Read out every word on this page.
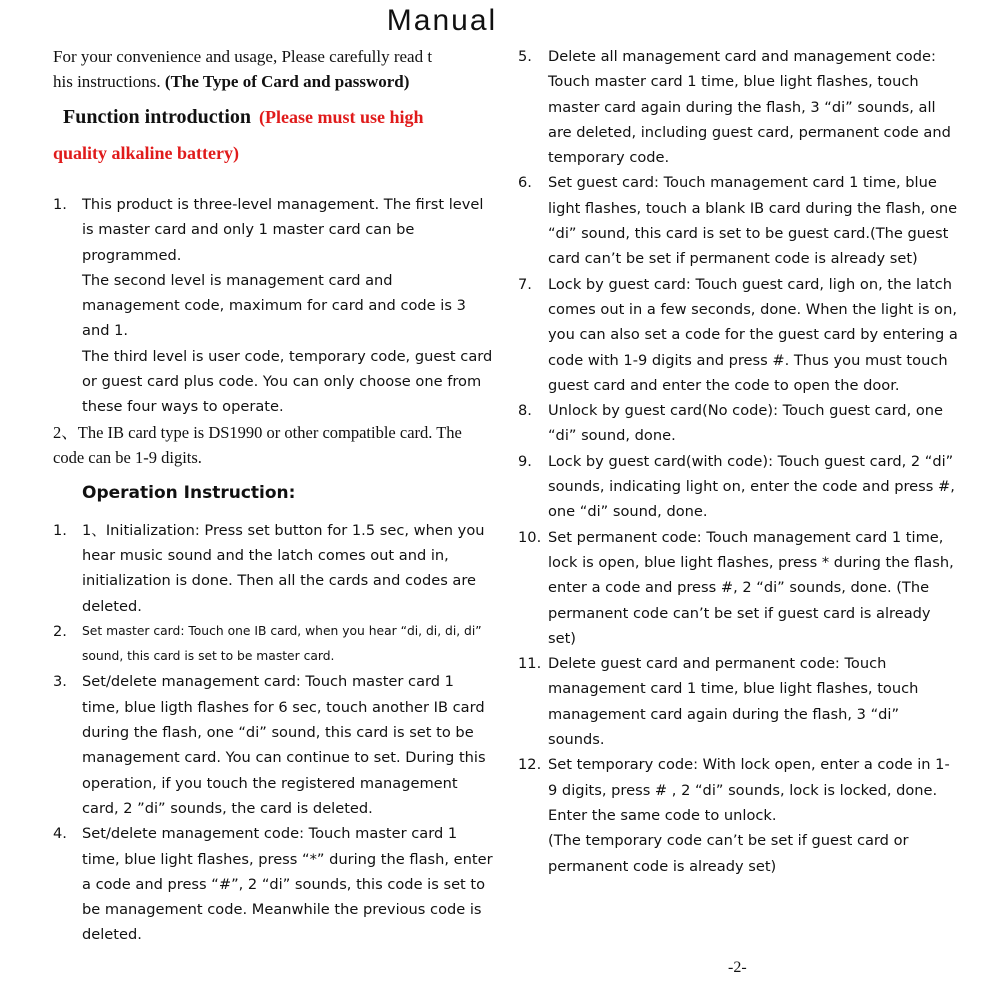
Manual
For your convenience and usage, Please carefully read t
his instructions. (The Type of Card and password)
Function introduction (Please must use high
quality alkaline battery)
1. This product is three-level management. The first level is master card and only 1 master card can be programmed.
The second level is management card and management code, maximum for card and code is 3 and 1.
The third level is user code, temporary code, guest card or guest card plus code. You can only choose one from these four ways to operate.
2、The IB card type is DS1990 or other compatible card. The code can be 1-9 digits.
Operation Instruction:
1. 1、Initialization: Press set button for 1.5 sec, when you hear music sound and the latch comes out and in, initialization is done. Then all the cards and codes are deleted.
2. Set master card: Touch one IB card, when you hear “di, di, di, di” sound, this card is set to be master card.
3. Set/delete management card: Touch master card 1 time, blue ligth flashes for 6 sec, touch another IB card during the flash, one “di” sound, this card is set to be management card. You can continue to set. During this operation, if you touch the registered management card, 2 ”di” sounds, the card is deleted.
4. Set/delete management code: Touch master card 1 time, blue light flashes, press “*” during the flash, enter a code and press “#”, 2 “di” sounds, this code is set to be management code. Meanwhile the previous code is deleted.
5. Delete all management card and management code: Touch master card 1 time, blue light flashes, touch master card again during the flash, 3 “di” sounds, all are deleted, including guest card, permanent code and temporary code.
6. Set guest card: Touch management card 1 time, blue light flashes, touch a blank IB card during the flash, one “di” sound, this card is set to be guest card.(The guest card can’t be set if permanent code is already set)
7. Lock by guest card: Touch guest card, ligh on, the latch comes out in a few seconds, done. When the light is on, you can also set a code for the guest card by entering a code with 1-9 digits and press #. Thus you must touch guest card and enter the code to open the door.
8. Unlock by guest card(No code): Touch guest card, one “di” sound, done.
9. Lock by guest card(with code): Touch guest card, 2 “di” sounds, indicating light on, enter the code and press #, one “di” sound, done.
10. Set permanent code: Touch management card 1 time, lock is open, blue light flashes, press * during the flash, enter a code and press #, 2 “di” sounds, done. (The permanent code can’t be set if guest card is already set)
11. Delete guest card and permanent code: Touch management card 1 time, blue light flashes, touch management card again during the flash, 3 “di” sounds.
12. Set temporary code: With lock open, enter a code in 1-9 digits, press # , 2 “di” sounds, lock is locked, done. Enter the same code to unlock.
(The temporary code can’t be set if guest card or permanent code is already set)
-2-
